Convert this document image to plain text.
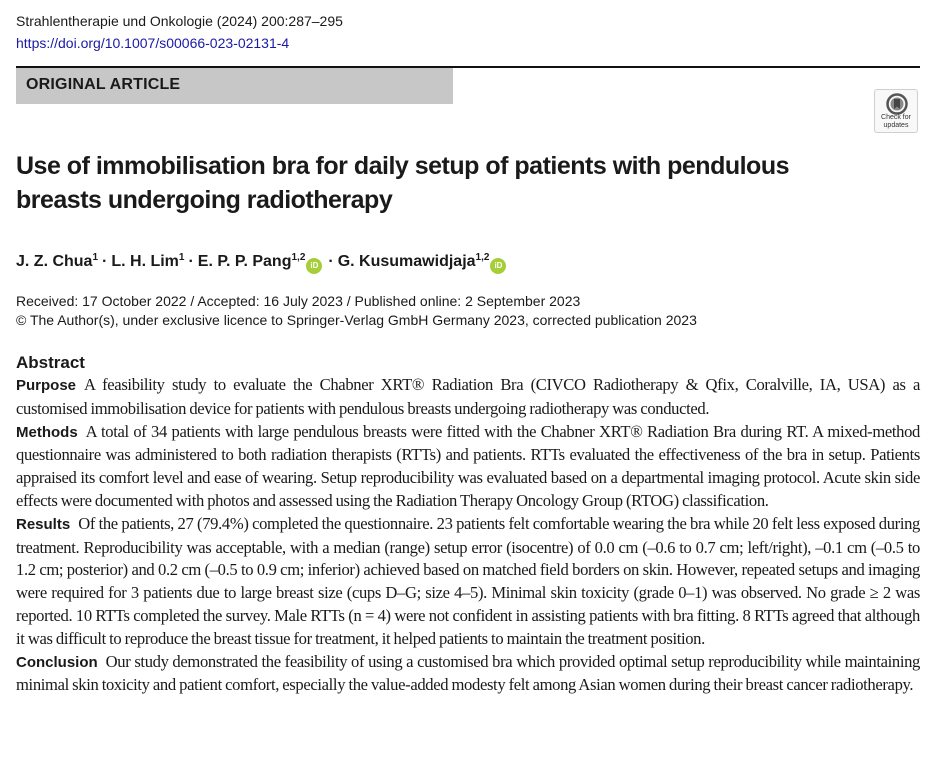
Strahlentherapie und Onkologie (2024) 200:287–295
https://doi.org/10.1007/s00066-023-02131-4
ORIGINAL ARTICLE
Check for updates
Use of immobilisation bra for daily setup of patients with pendulous breasts undergoing radiotherapy
J. Z. Chua$^1$ · L. H. Lim$^1$ · E. P. P. Pang$^{1,2}$iD · G. Kusumawidjaja$^{1,2}$iD
Received: 17 October 2022 / Accepted: 16 July 2023 / Published online: 2 September 2023
© The Author(s), under exclusive licence to Springer-Verlag GmbH Germany 2023, corrected publication 2023
Abstract

Purpose A feasibility study to evaluate the Chabner XRT® Radiation Bra (CIVCO Radiotherapy & Qfix, Coralville, IA, USA) as a customised immobilisation device for patients with pendulous breasts undergoing radiotherapy was conducted.

Methods A total of 34 patients with large pendulous breasts were fitted with the Chabner XRT® Radiation Bra during RT. A mixed-method questionnaire was administered to both radiation therapists (RTTs) and patients. RTTs evaluated the effectiveness of the bra in setup. Patients appraised its comfort level and ease of wearing. Setup reproducibility was evaluated based on a departmental imaging protocol. Acute skin side effects were documented with photos and assessed using the Radiation Therapy Oncology Group (RTOG) classification.

Results Of the patients, 27 (79.4%) completed the questionnaire. 23 patients felt comfortable wearing the bra while 20 felt less exposed during treatment. Reproducibility was acceptable, with a median (range) setup error (isocentre) of 0.0 cm (–0.6 to 0.7 cm; left/right), –0.1 cm (–0.5 to 1.2 cm; posterior) and 0.2 cm (–0.5 to 0.9 cm; inferior) achieved based on matched field borders on skin. However, repeated setups and imaging were required for 3 patients due to large breast size (cups D–G; size 4–5). Minimal skin toxicity (grade 0–1) was observed. No grade ≥ 2 was reported. 10 RTTs completed the survey. Male RTTs (n = 4) were not confident in assisting patients with bra fitting. 8 RTTs agreed that although it was difficult to reproduce the breast tissue for treatment, it helped patients to maintain the treatment position.

Conclusion Our study demonstrated the feasibility of using a customised bra which provided optimal setup reproducibility while maintaining minimal skin toxicity and patient comfort, especially the value-added modesty felt among Asian women during their breast cancer radiotherapy.
